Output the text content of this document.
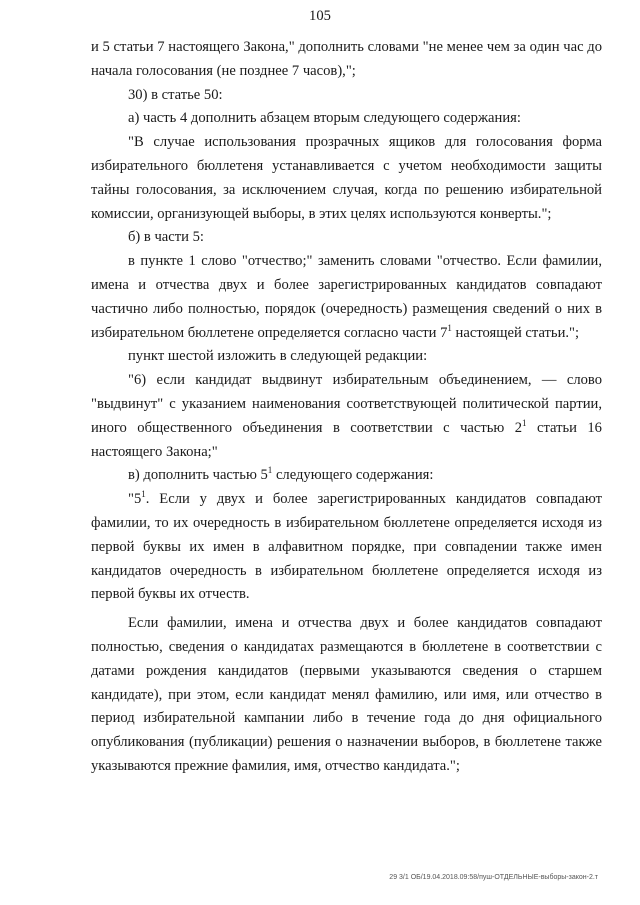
105

и 5 статьи 7 настоящего Закона," дополнить словами "не менее чем за один час до начала голосования (не позднее 7 часов),";

30) в статье 50:

а) часть 4 дополнить абзацем вторым следующего содержания:

"В случае использования прозрачных ящиков для голосования форма избирательного бюллетеня устанавливается с учетом необходимости защиты тайны голосования, за исключением случая, когда по решению избирательной комиссии, организующей выборы, в этих целях используются конверты.";

б) в части 5:

в пункте 1 слово "отчество;" заменить словами "отчество. Если фамилии, имена и отчества двух и более зарегистрированных кандидатов совпадают частично либо полностью, порядок (очередность) размещения сведений о них в избирательном бюллетене определяется согласно части $7^1$ настоящей статьи.";

пункт шестой изложить в следующей редакции:

"6) если кандидат выдвинут избирательным объединением, — слово "выдвинут" с указанием наименования соответствующей политической партии, иного общественного объединения в соответствии с частью $2^1$ статьи 16 настоящего Закона;"

в) дополнить частью $5^1$ следующего содержания:

"$5^1$. Если у двух и более зарегистрированных кандидатов совпадают фамилии, то их очередность в избирательном бюллетене определяется исходя из первой буквы их имен в алфавитном порядке, при совпадении также имен кандидатов очередность в избирательном бюллетене определяется исходя из первой буквы их отчеств.

Если фамилии, имена и отчества двух и более кандидатов совпадают полностью, сведения о кандидатах размещаются в бюллетене в соответствии с датами рождения кандидатов (первыми указываются сведения о старшем кандидате), при этом, если кандидат менял фамилию, или имя, или отчество в период избирательной кампании либо в течение года до дня официального опубликования (публикации) решения о назначении выборов, в бюллетене также указываются прежние фамилия, имя, отчество кандидата.";

29 3/1 ОБ/19.04.2018.09:58/пуш-ОТДЕЛЬНЫЕ-выборы-закон-2.т
